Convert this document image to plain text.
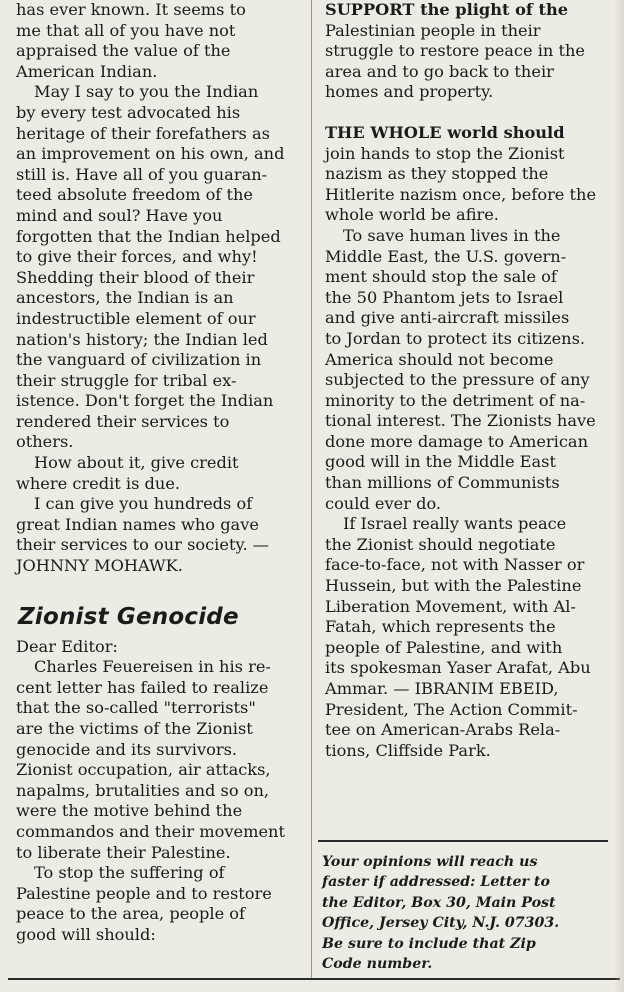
has ever known. It seems to
me that all of you have not
appraised the value of the
American Indian.

May I say to you the Indian
by every test advocated his
heritage of their forefathers as
an improvement on his own, and
still is. Have all of you guaran-
teed absolute freedom of the
mind and soul? Have you
forgotten that the Indian helped
to give their forces, and why!
Shedding their blood of their
ancestors, the Indian is an
indestructible element of our
nation's history; the Indian led
the vanguard of civilization in
their struggle for tribal ex-
istence. Don't forget the Indian
rendered their services to
others.

How about it, give credit
where credit is due.

I can give you hundreds of
great Indian names who gave
their services to our society. —
JOHNNY MOHAWK.

Zionist Genocide

Dear Editor:

Charles Feuereisen in his re-
cent letter has failed to realize
that the so-called "terrorists"
are the victims of the Zionist
genocide and its survivors.
Zionist occupation, air attacks,
napalms, brutalities and so on,
were the motive behind the
commandos and their movement
to liberate their Palestine.

To stop the suffering of
Palestine people and to restore
peace to the area, people of
good will should:

SUPPORT the plight of the
Palestinian people in their
struggle to restore peace in the
area and to go back to their
homes and property.

THE WHOLE world should
join hands to stop the Zionist
nazism as they stopped the
Hitlerite nazism once, before the
whole world be afire.

To save human lives in the
Middle East, the U.S. govern-
ment should stop the sale of
the 50 Phantom jets to Israel
and give anti-aircraft missiles
to Jordan to protect its citizens.
America should not become
subjected to the pressure of any
minority to the detriment of na-
tional interest. The Zionists have
done more damage to American
good will in the Middle East
than millions of Communists
could ever do.

If Israel really wants peace
the Zionist should negotiate
face-to-face, not with Nasser or
Hussein, but with the Palestine
Liberation Movement, with Al-
Fatah, which represents the
people of Palestine, and with
its spokesman Yaser Arafat, Abu
Ammar. — IBRANIM EBEID,
President, The Action Commit-
tee on American-Arabs Rela-
tions, Cliffside Park.

Your opinions will reach us
faster if addressed: Letter to
the Editor, Box 30, Main Post
Office, Jersey City, N.J. 07303.
Be sure to include that Zip
Code number.
